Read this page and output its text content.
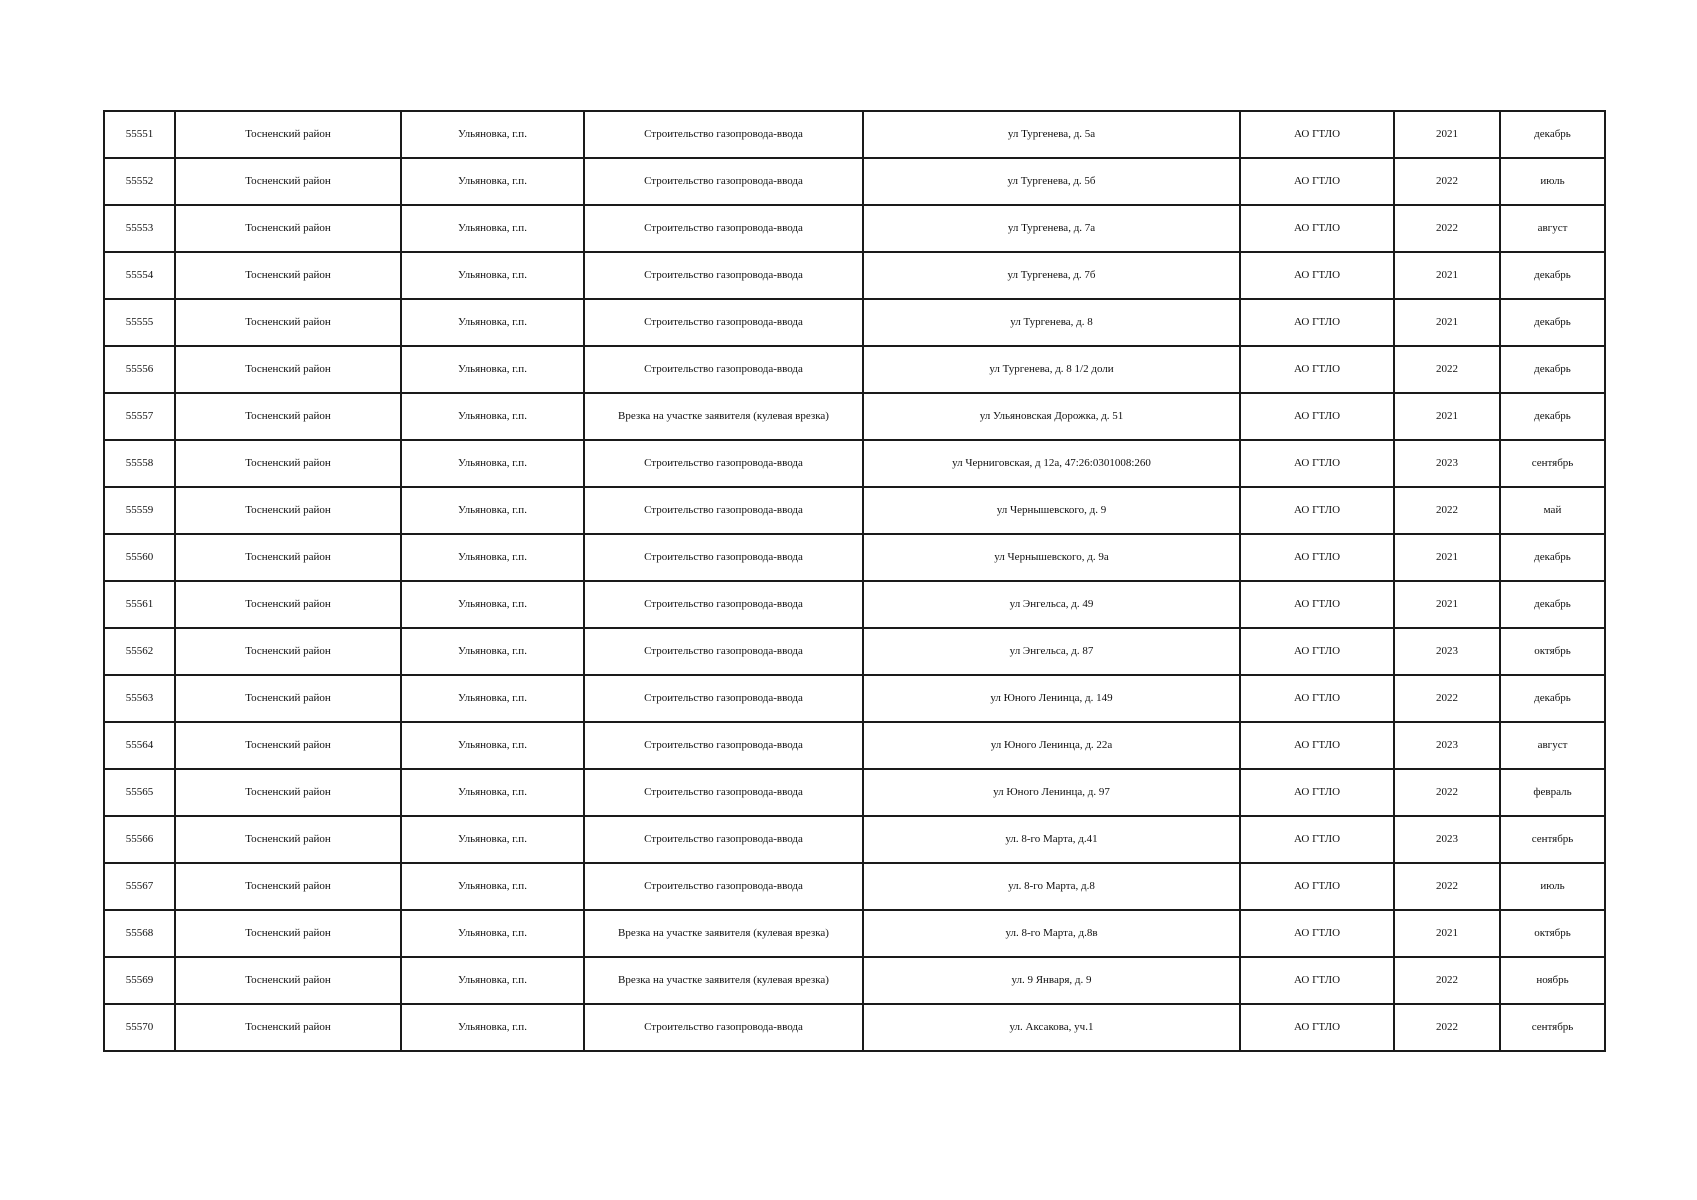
55551	Тосненский район	Ульяновка, г.п.	Строительство газопровода-ввода	ул Тургенева, д. 5а	АО ГТЛО	2021	декабрь
55552	Тосненский район	Ульяновка, г.п.	Строительство газопровода-ввода	ул Тургенева, д. 5б	АО ГТЛО	2022	июль
55553	Тосненский район	Ульяновка, г.п.	Строительство газопровода-ввода	ул Тургенева, д. 7а	АО ГТЛО	2022	август
55554	Тосненский район	Ульяновка, г.п.	Строительство газопровода-ввода	ул Тургенева, д. 7б	АО ГТЛО	2021	декабрь
55555	Тосненский район	Ульяновка, г.п.	Строительство газопровода-ввода	ул Тургенева, д. 8	АО ГТЛО	2021	декабрь
55556	Тосненский район	Ульяновка, г.п.	Строительство газопровода-ввода	ул Тургенева, д. 8 1/2 доли	АО ГТЛО	2022	декабрь
55557	Тосненский район	Ульяновка, г.п.	Врезка на участке заявителя (кулевая врезка)	ул Ульяновская Дорожка, д. 51	АО ГТЛО	2021	декабрь
55558	Тосненский район	Ульяновка, г.п.	Строительство газопровода-ввода	ул Черниговская, д 12а, 47:26:0301008:260	АО ГТЛО	2023	сентябрь
55559	Тосненский район	Ульяновка, г.п.	Строительство газопровода-ввода	ул Чернышевского, д. 9	АО ГТЛО	2022	май
55560	Тосненский район	Ульяновка, г.п.	Строительство газопровода-ввода	ул Чернышевского, д. 9а	АО ГТЛО	2021	декабрь
55561	Тосненский район	Ульяновка, г.п.	Строительство газопровода-ввода	ул Энгельса, д. 49	АО ГТЛО	2021	декабрь
55562	Тосненский район	Ульяновка, г.п.	Строительство газопровода-ввода	ул Энгельса, д. 87	АО ГТЛО	2023	октябрь
55563	Тосненский район	Ульяновка, г.п.	Строительство газопровода-ввода	ул Юного Ленинца, д. 149	АО ГТЛО	2022	декабрь
55564	Тосненский район	Ульяновка, г.п.	Строительство газопровода-ввода	ул Юного Ленинца, д. 22а	АО ГТЛО	2023	август
55565	Тосненский район	Ульяновка, г.п.	Строительство газопровода-ввода	ул Юного Ленинца, д. 97	АО ГТЛО	2022	февраль
55566	Тосненский район	Ульяновка, г.п.	Строительство газопровода-ввода	ул. 8-го Марта, д.41	АО ГТЛО	2023	сентябрь
55567	Тосненский район	Ульяновка, г.п.	Строительство газопровода-ввода	ул. 8-го Марта, д.8	АО ГТЛО	2022	июль
55568	Тосненский район	Ульяновка, г.п.	Врезка на участке заявителя (кулевая врезка)	ул. 8-го Марта, д.8в	АО ГТЛО	2021	октябрь
55569	Тосненский район	Ульяновка, г.п.	Врезка на участке заявителя (кулевая врезка)	ул. 9 Января, д. 9	АО ГТЛО	2022	ноябрь
55570	Тосненский район	Ульяновка, г.п.	Строительство газопровода-ввода	ул. Аксакова, уч.1	АО ГТЛО	2022	сентябрь
